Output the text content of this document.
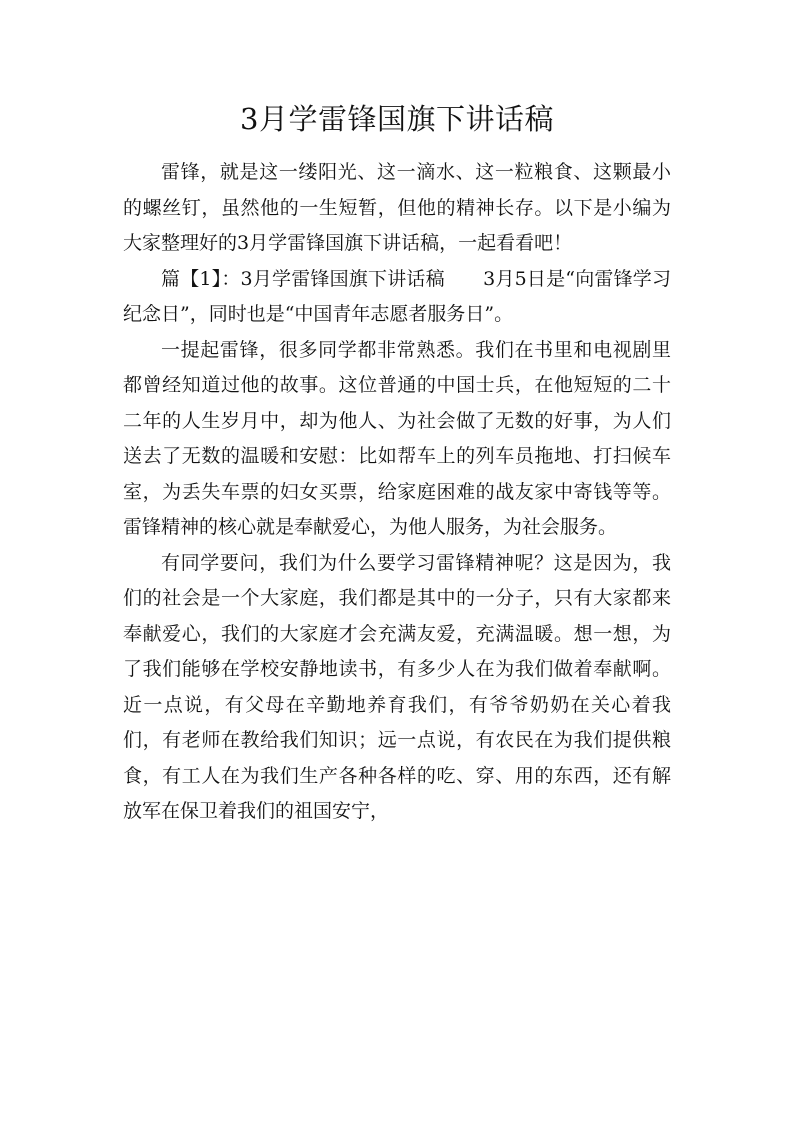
3月学雷锋国旗下讲话稿

雷锋，就是这一缕阳光、这一滴水、这一粒粮食、这颗最小的螺丝钉，虽然他的一生短暂，但他的精神长存。以下是小编为大家整理好的3月学雷锋国旗下讲话稿，一起看看吧！

篇【1】：3月学雷锋国旗下讲话稿　　3月5日是“向雷锋学习纪念日”，同时也是“中国青年志愿者服务日”。

一提起雷锋，很多同学都非常熟悉。我们在书里和电视剧里都曾经知道过他的故事。这位普通的中国士兵，在他短短的二十二年的人生岁月中，却为他人、为社会做了无数的好事，为人们送去了无数的温暖和安慰：比如帮车上的列车员拖地、打扫候车室，为丢失车票的妇女买票，给家庭困难的战友家中寄钱等等。雷锋精神的核心就是奉献爱心，为他人服务，为社会服务。

有同学要问，我们为什么要学习雷锋精神呢？这是因为，我们的社会是一个大家庭，我们都是其中的一分子，只有大家都来奉献爱心，我们的大家庭才会充满友爱，充满温暖。想一想，为了我们能够在学校安静地读书，有多少人在为我们做着奉献啊。近一点说，有父母在辛勤地养育我们，有爷爷奶奶在关心着我们，有老师在教给我们知识；远一点说，有农民在为我们提供粮食，有工人在为我们生产各种各样的吃、穿、用的东西，还有解放军在保卫着我们的祖国安宁，
